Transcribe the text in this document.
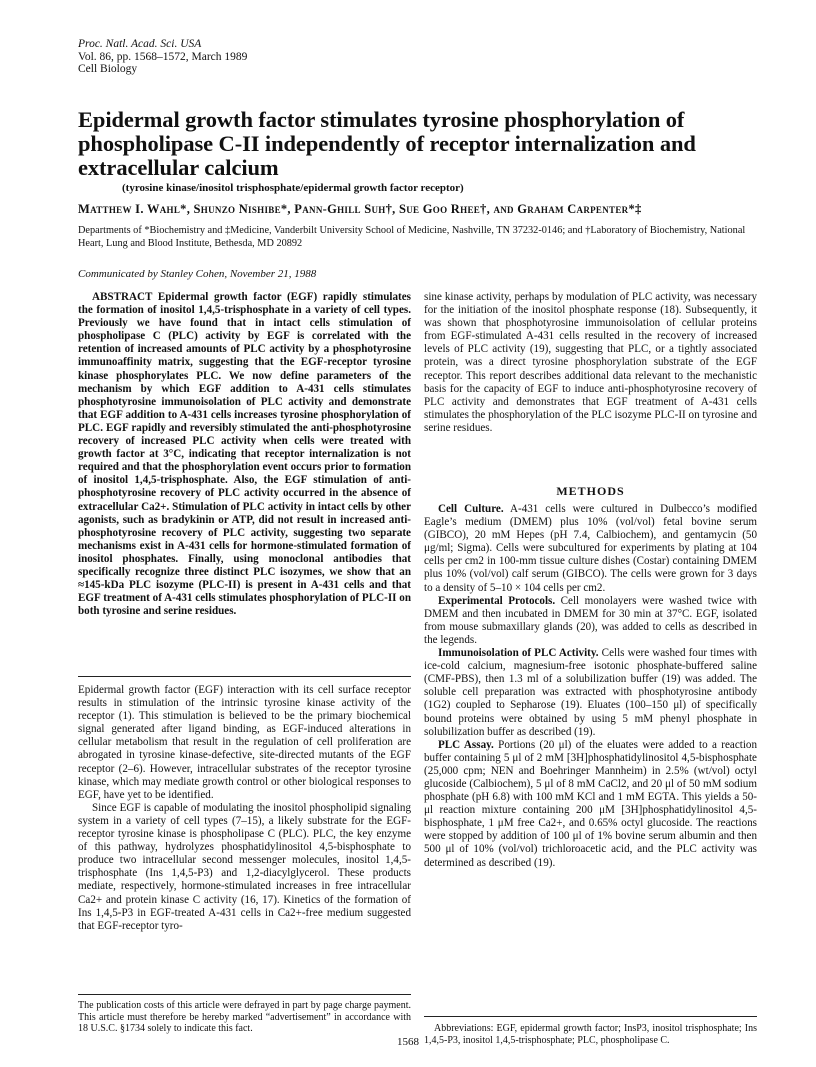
Proc. Natl. Acad. Sci. USA
Vol. 86, pp. 1568–1572, March 1989
Cell Biology
Epidermal growth factor stimulates tyrosine phosphorylation of phospholipase C-II independently of receptor internalization and extracellular calcium
(tyrosine kinase/inositol trisphosphate/epidermal growth factor receptor)
Matthew I. Wahl*, Shunzo Nishibe*, Pann-Ghill Suh†, Sue Goo Rhee†, and Graham Carpenter*‡
Departments of *Biochemistry and ‡Medicine, Vanderbilt University School of Medicine, Nashville, TN 37232-0146; and †Laboratory of Biochemistry, National Heart, Lung and Blood Institute, Bethesda, MD 20892
Communicated by Stanley Cohen, November 21, 1988

ABSTRACT Epidermal growth factor (EGF) rapidly stimulates the formation of inositol 1,4,5-trisphosphate in a variety of cell types. Previously we have found that in intact cells stimulation of phospholipase C (PLC) activity by EGF is correlated with the retention of increased amounts of PLC activity by a phosphotyrosine immunoaffinity matrix, suggesting that the EGF-receptor tyrosine kinase phosphorylates PLC. We now define parameters of the mechanism by which EGF addition to A-431 cells stimulates phosphotyrosine immunoisolation of PLC activity and demonstrate that EGF addition to A-431 cells increases tyrosine phosphorylation of PLC. EGF rapidly and reversibly stimulated the anti-phosphotyrosine recovery of increased PLC activity when cells were treated with growth factor at 3°C, indicating that receptor internalization is not required and that the phosphorylation event occurs prior to formation of inositol 1,4,5-trisphosphate. Also, the EGF stimulation of anti-phosphotyrosine recovery of PLC activity occurred in the absence of extracellular Ca2+. Stimulation of PLC activity in intact cells by other agonists, such as bradykinin or ATP, did not result in increased anti-phosphotyrosine recovery of PLC activity, suggesting two separate mechanisms exist in A-431 cells for hormone-stimulated formation of inositol phosphates. Finally, using monoclonal antibodies that specifically recognize three distinct PLC isozymes, we show that an ≈145-kDa PLC isozyme (PLC-II) is present in A-431 cells and that EGF treatment of A-431 cells stimulates phosphorylation of PLC-II on both tyrosine and serine residues.

Epidermal growth factor (EGF) interaction with its cell surface receptor results in stimulation of the intrinsic tyrosine kinase activity of the receptor (1). This stimulation is believed to be the primary biochemical signal generated after ligand binding, as EGF-induced alterations in cellular metabolism that result in the regulation of cell proliferation are abrogated in tyrosine kinase-defective, site-directed mutants of the EGF receptor (2–6). However, intracellular substrates of the receptor tyrosine kinase, which may mediate growth control or other biological responses to EGF, have yet to be identified.

Since EGF is capable of modulating the inositol phospholipid signaling system in a variety of cell types (7–15), a likely substrate for the EGF-receptor tyrosine kinase is phospholipase C (PLC). PLC, the key enzyme of this pathway, hydrolyzes phosphatidylinositol 4,5-bisphosphate to produce two intracellular second messenger molecules, inositol 1,4,5-trisphosphate (Ins 1,4,5-P3) and 1,2-diacylglycerol. These products mediate, respectively, hormone-stimulated increases in free intracellular Ca2+ and protein kinase C activity (16, 17). Kinetics of the formation of Ins 1,4,5-P3 in EGF-treated A-431 cells in Ca2+-free medium suggested that EGF-receptor tyro-

The publication costs of this article were defrayed in part by page charge payment. This article must therefore be hereby marked “advertisement” in accordance with 18 U.S.C. §1734 solely to indicate this fact.

sine kinase activity, perhaps by modulation of PLC activity, was necessary for the initiation of the inositol phosphate response (18). Subsequently, it was shown that phosphotyrosine immunoisolation of cellular proteins from EGF-stimulated A-431 cells resulted in the recovery of increased levels of PLC activity (19), suggesting that PLC, or a tightly associated protein, was a direct tyrosine phosphorylation substrate of the EGF receptor. This report describes additional data relevant to the mechanistic basis for the capacity of EGF to induce anti-phosphotyrosine recovery of PLC activity and demonstrates that EGF treatment of A-431 cells stimulates the phosphorylation of the PLC isozyme PLC-II on tyrosine and serine residues.

METHODS

Cell Culture. A-431 cells were cultured in Dulbecco’s modified Eagle’s medium (DMEM) plus 10% (vol/vol) fetal bovine serum (GIBCO), 20 mM Hepes (pH 7.4, Calbiochem), and gentamycin (50 μg/ml; Sigma). Cells were subcultured for experiments by plating at 104 cells per cm2 in 100-mm tissue culture dishes (Costar) containing DMEM plus 10% (vol/vol) calf serum (GIBCO). The cells were grown for 3 days to a density of 5–10 × 104 cells per cm2.

Experimental Protocols. Cell monolayers were washed twice with DMEM and then incubated in DMEM for 30 min at 37°C. EGF, isolated from mouse submaxillary glands (20), was added to cells as described in the legends.

Immunoisolation of PLC Activity. Cells were washed four times with ice-cold calcium, magnesium-free isotonic phosphate-buffered saline (CMF-PBS), then 1.3 ml of a solubilization buffer (19) was added. The soluble cell preparation was extracted with phosphotyrosine antibody (1G2) coupled to Sepharose (19). Eluates (100–150 μl) of specifically bound proteins were obtained by using 5 mM phenyl phosphate in solubilization buffer as described (19).

PLC Assay. Portions (20 μl) of the eluates were added to a reaction buffer containing 5 μl of 2 mM [3H]phosphatidylinositol 4,5-bisphosphate (25,000 cpm; NEN and Boehringer Mannheim) in 2.5% (wt/vol) octyl glucoside (Calbiochem), 5 μl of 8 mM CaCl2, and 20 μl of 50 mM sodium phosphate (pH 6.8) with 100 mM KCl and 1 mM EGTA. This yields a 50-μl reaction mixture containing 200 μM [3H]phosphatidylinositol 4,5-bisphosphate, 1 μM free Ca2+, and 0.65% octyl glucoside. The reactions were stopped by addition of 100 μl of 1% bovine serum albumin and then 500 μl of 10% (vol/vol) trichloroacetic acid, and the PLC activity was determined as described (19).

Abbreviations: EGF, epidermal growth factor; InsP3, inositol trisphosphate; Ins 1,4,5-P3, inositol 1,4,5-trisphosphate; PLC, phospholipase C.
1568
